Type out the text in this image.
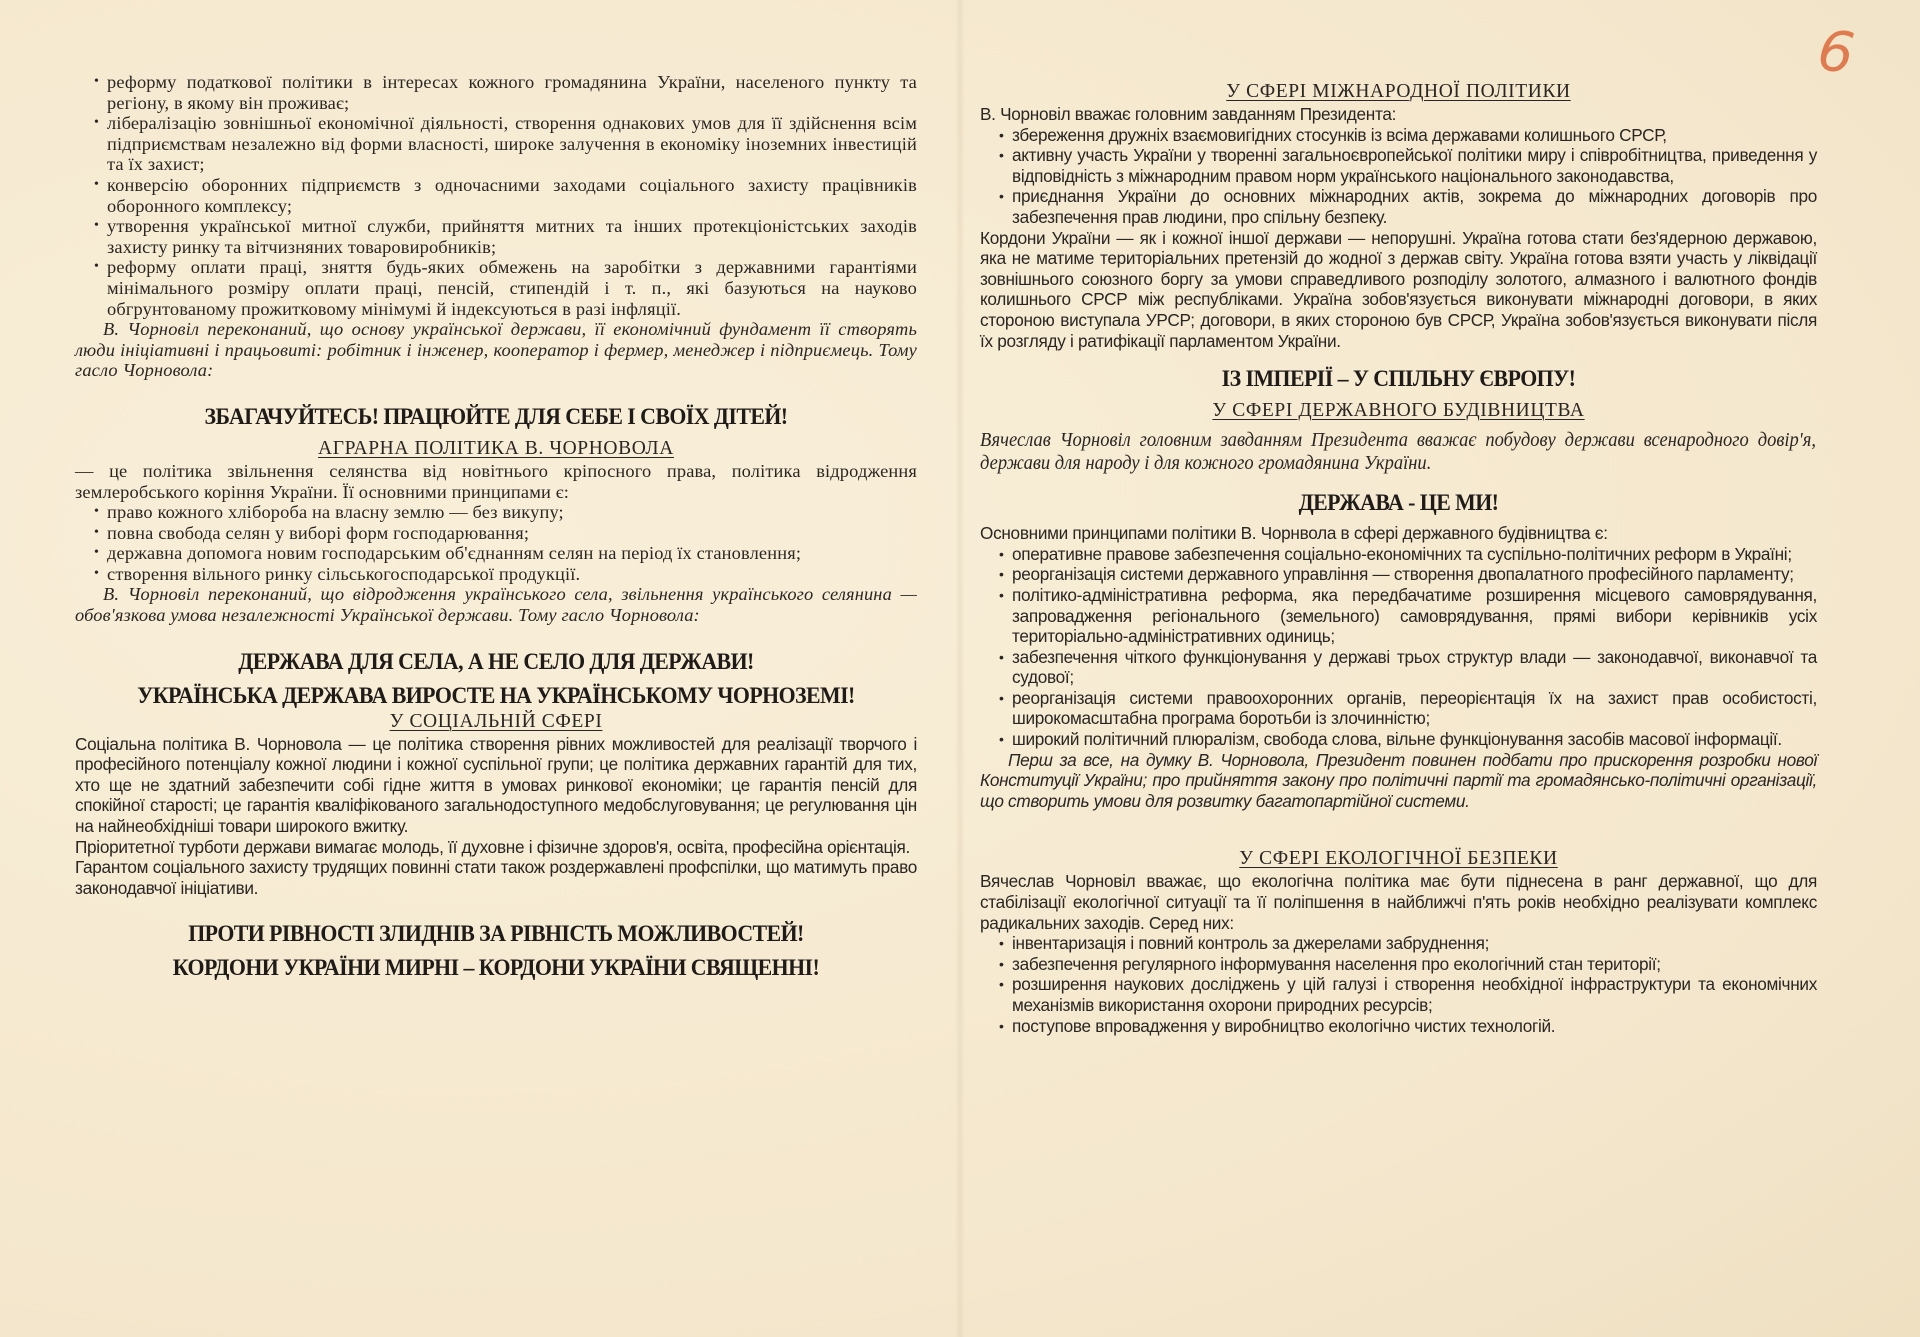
6
• реформу податкової політики в інтересах кожного громадянина України, населеного пункту та регіону, в якому він проживає;
• лібералізацію зовнішньої економічної діяльності, створення однакових умов для її здійснення всім підприємствам незалежно від форми власності, широке залучення в економіку іноземних інвестицій та їх захист;
• конверсію оборонних підприємств з одночасними заходами соціального захисту працівників оборонного комплексу;
• утворення української митної служби, прийняття митних та інших протекціоністських заходів захисту ринку та вітчизняних товаровиробників;
• реформу оплати праці, зняття будь-яких обмежень на заробітки з державними гарантіями мінімального розміру оплати праці, пенсій, стипендій і т. п., які базуються на науково обгрунтованому прожитковому мінімумі й індексуються в разі інфляції.

В. Чорновіл переконаний, що основу української держави, її економічний фундамент її створять люди ініціативні і працьовиті: робітник і інженер, кооператор і фермер, менеджер і підприємець. Тому гасло Чорновола:

ЗБАГАЧУЙТЕСЬ! ПРАЦЮЙТЕ ДЛЯ СЕБЕ І СВОЇХ ДІТЕЙ!
АГРАРНА ПОЛІТИКА В. ЧОРНОВОЛА

— це політика звільнення селянства від новітнього кріпосного права, політика відродження землеробського коріння України. Її основними принципами є:

• право кожного хлібороба на власну землю — без викупу;
• повна свобода селян у виборі форм господарювання;
• державна допомога новим господарським об'єднанням селян на період їх становлення;
• створення вільного ринку сільськогосподарської продукції.

В. Чорновіл переконаний, що відродження українського села, звільнення українського селянина — обов'язкова умова незалежності Української держави. Тому гасло Чорновола:

ДЕРЖАВА ДЛЯ СЕЛА, А НЕ СЕЛО ДЛЯ ДЕРЖАВИ!
УКРАЇНСЬКА ДЕРЖАВА ВИРОСТЕ НА УКРАЇНСЬКОМУ ЧОРНОЗЕМІ!
У СОЦІАЛЬНІЙ СФЕРІ

Соціальна політика В. Чорновола — це політика створення рівних можливостей для реалізації творчого і професійного потенціалу кожної людини і кожної суспільної групи; це політика державних гарантій для тих, хто ще не здатний забезпечити собі гідне життя в умовах ринкової економіки; це гарантія пенсій для спокійної старості; це гарантія кваліфікованого загальнодоступного медобслуговування; це регулювання цін на найнеобхідніші товари широкого вжитку.

Пріоритетної турботи держави вимагає молодь, її духовне і фізичне здоров'я, освіта, професійна орієнтація.

Гарантом соціального захисту трудящих повинні стати також роздержавлені профспілки, що матимуть право законодавчої ініціативи.

ПРОТИ РІВНОСТІ ЗЛИДНІВ ЗА РІВНІСТЬ МОЖЛИВОСТЕЙ!
КОРДОНИ УКРАЇНИ МИРНІ – КОРДОНИ УКРАЇНИ СВЯЩЕННІ!
У СФЕРІ МІЖНАРОДНОЇ ПОЛІТИКИ

В. Чорновіл вважає головним завданням Президента:

• збереження дружніх взаємовигідних стосунків із всіма державами колишнього СРСР,
• активну участь України у творенні загальноєвропейської політики миру і співробітництва, приведення у відповідність з міжнародним правом норм українського національного законодавства,
• приєднання України до основних міжнародних актів, зокрема до міжнародних договорів про забезпечення прав людини, про спільну безпеку.

Кордони України — як і кожної іншої держави — непорушні. Україна готова стати без'ядерною державою, яка не матиме територіальних претензій до жодної з держав світу. Україна готова взяти участь у ліквідації зовнішнього союзного боргу за умови справедливого розподілу золотого, алмазного і валютного фондів колишнього СРСР між республіками. Україна зобов'язується виконувати міжнародні договори, в яких стороною виступала УРСР; договори, в яких стороною був СРСР, Україна зобов'язується виконувати після їх розгляду і ратифікації парламентом України.

ІЗ ІМПЕРІЇ – У СПІЛЬНУ ЄВРОПУ!
У СФЕРІ ДЕРЖАВНОГО БУДІВНИЦТВА

Вячеслав Чорновіл головним завданням Президента вважає побудову держави всенародного довір'я, держави для народу і для кожного громадянина України.

ДЕРЖАВА - ЦЕ МИ!

Основними принципами політики В. Чорнвола в сфері державного будівництва є:

• оперативне правове забезпечення соціально-економічних та суспільно-політичних реформ в Україні;
• реорганізація системи державного управління — створення двопалатного професійного парламенту;
• політико-адміністративна реформа, яка передбачатиме розширення місцевого самоврядування, запровадження регіонального (земельного) самоврядування, прямі вибори керівників усіх територіально-адміністративних одиниць;
• забезпечення чіткого функціонування у державі трьох структур влади — законодавчої, виконавчої та судової;
• реорганізація системи правоохоронних органів, переорієнтація їх на захист прав особистості, широкомасштабна програма боротьби із злочинністю;
• широкий політичний плюралізм, свобода слова, вільне функціонування засобів масової інформації.

Перш за все, на думку В. Чорновола, Президент повинен подбати про прискорення розробки нової Конституції України; про прийняття закону про політичні партії та громадянсько-політичні організації, що створить умови для розвитку багатопартійної системи.

У СФЕРІ ЕКОЛОГІЧНОЇ БЕЗПЕКИ

Вячеслав Чорновіл вважає, що екологічна політика має бути піднесена в ранг державної, що для стабілізації екологічної ситуації та її поліпшення в найближчі п'ять років необхідно реалізувати комплекс радикальних заходів. Серед них:

• інвентаризація і повний контроль за джерелами забруднення;
• забезпечення регулярного інформування населення про екологічний стан території;
• розширення наукових досліджень у цій галузі і створення необхідної інфраструктури та економічних механізмів використання охорони природних ресурсів;
• поступове впровадження у виробництво екологічно чистих технологій.
